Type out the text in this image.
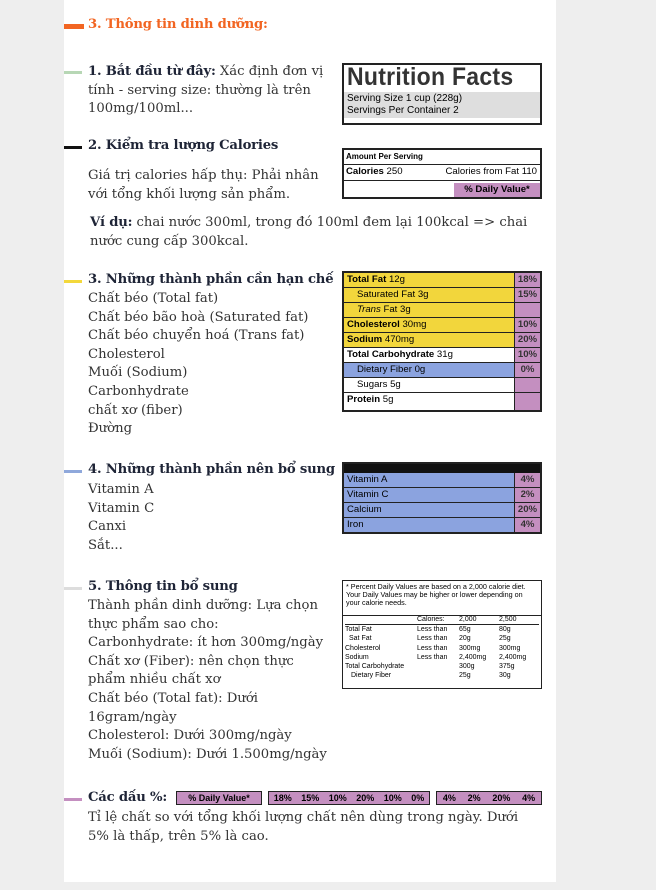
3. Thông tin dinh dưỡng:
1. Bắt đầu từ đây: Xác định đơn vị
tính - serving size: thường là trên
100mg/100ml...
2. Kiểm tra lượng Calories
Giá trị calories hấp thụ: Phải nhân
với tổng khối lượng sản phẩm.
Ví dụ: chai nước 300ml, trong đó 100ml đem lại 100kcal => chai
nước cung cấp 300kcal.
3. Những thành phần cần hạn chế
Chất béo (Total fat)
Chất béo bão hoà (Saturated fat)
Chất béo chuyển hoá (Trans fat)
Cholesterol
Muối (Sodium)
Carbonhydrate
chất xơ (fiber)
Đường
4. Những thành phần nên bổ sung
Vitamin A
Vitamin C
Canxi
Sắt...
5. Thông tin bổ sung
Thành phần dinh dưỡng: Lựa chọn
thực phẩm sao cho:
Carbonhydrate: ít hơn 300mg/ngày
Chất xơ (Fiber): nên chọn thực
phẩm nhiều chất xơ
Chất béo (Total fat): Dưới
16gram/ngày
Cholesterol: Dưới 300mg/ngày
Muối (Sodium): Dưới 1.500mg/ngày
Các dấu %:
Tỉ lệ chất so với tổng khối lượng chất nên dùng trong ngày. Dưới
5% là thấp, trên 5% là cao.
Nutrition Facts
Serving Size 1 cup (228g)
Servings Per Container 2
Amount Per Serving
Calories 250	Calories from Fat 110
% Daily Value*
Total Fat 12g	18%
Saturated Fat 3g	15%
Trans Fat 3g
Cholesterol 30mg	10%
Sodium 470mg	20%
Total Carbohydrate 31g	10%
Dietary Fiber 0g	0%
Sugars 5g
Protein 5g
Vitamin A	4%
Vitamin C	2%
Calcium	20%
Iron	4%
* Percent Daily Values are based on a 2,000 calorie diet. Your Daily Values may be higher or lower depending on your calorie needs.
	Calories:	2,000	2,500
Total Fat	Less than	65g	80g
Sat Fat	Less than	20g	25g
Cholesterol	Less than	300mg	300mg
Sodium	Less than	2,400mg	2,400mg
Total Carbohydrate		300g	375g
Dietary Fiber		25g	30g
% Daily Value*	18% 15% 10% 20% 10% 0% 4% 2% 20% 4%
